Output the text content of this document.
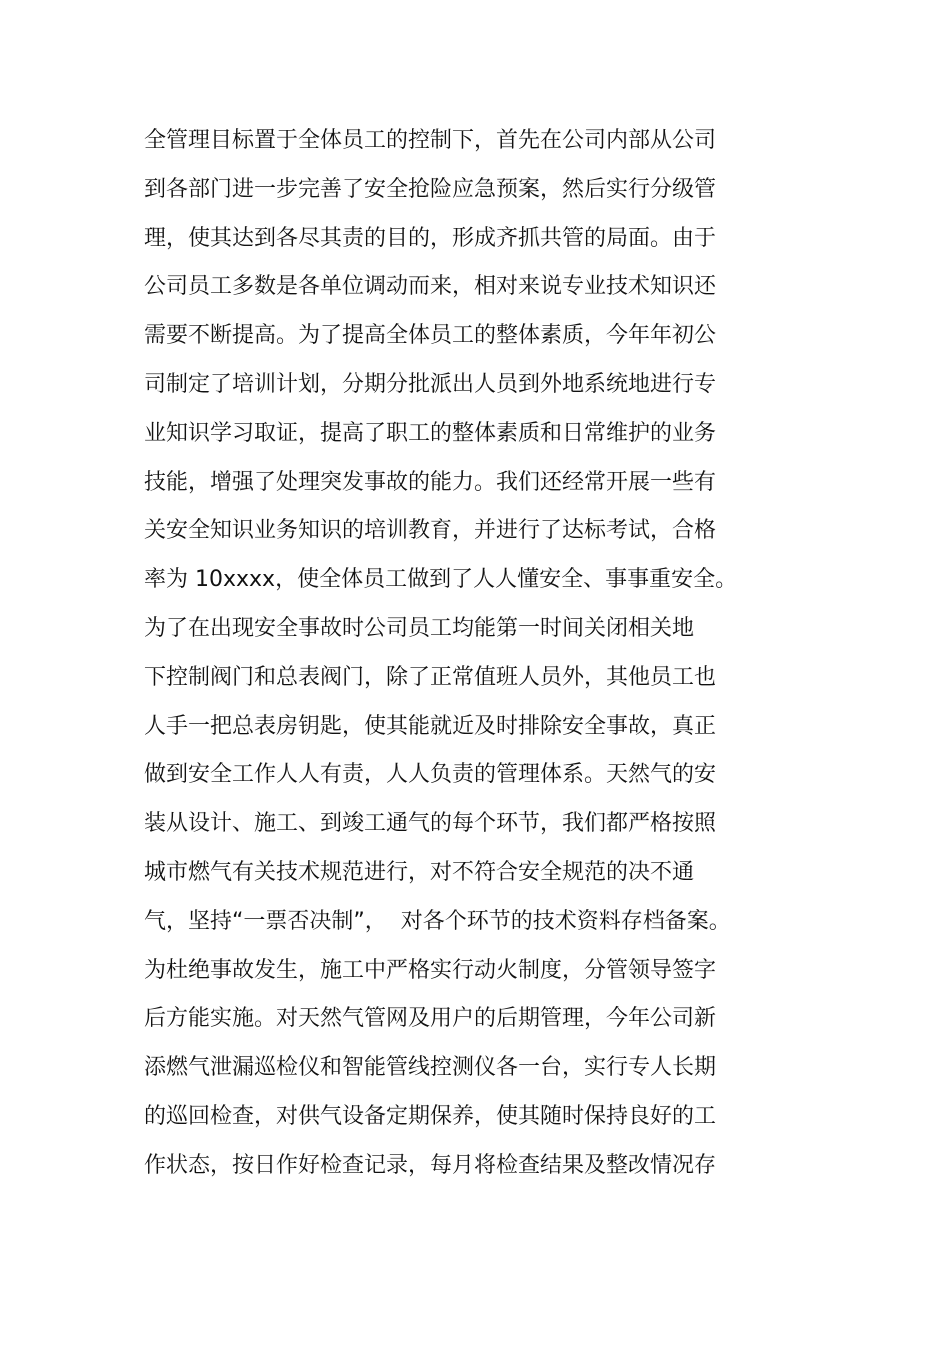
全管理目标置于全体员工的控制下，首先在公司内部从公司
到各部门进一步完善了安全抢险应急预案，然后实行分级管
理，使其达到各尽其责的目的，形成齐抓共管的局面。由于
公司员工多数是各单位调动而来，相对来说专业技术知识还
需要不断提高。为了提高全体员工的整体素质，今年年初公
司制定了培训计划，分期分批派出人员到外地系统地进行专
业知识学习取证，提高了职工的整体素质和日常维护的业务
技能，增强了处理突发事故的能力。我们还经常开展一些有
关安全知识业务知识的培训教育，并进行了达标考试，合格
率为 10xxxx，使全体员工做到了人人懂安全、事事重安全。
为了在出现安全事故时公司员工均能第一时间关闭相关地
下控制阀门和总表阀门，除了正常值班人员外，其他员工也
人手一把总表房钥匙，使其能就近及时排除安全事故，真正
做到安全工作人人有责，人人负责的管理体系。天然气的安
装从设计、施工、到竣工通气的每个环节，我们都严格按照
城市燃气有关技术规范进行，对不符合安全规范的决不通
气，坚持“一票否决制”，  对各个环节的技术资料存档备案。
为杜绝事故发生，施工中严格实行动火制度，分管领导签字
后方能实施。对天然气管网及用户的后期管理，今年公司新
添燃气泄漏巡检仪和智能管线控测仪各一台，实行专人长期
的巡回检查，对供气设备定期保养，使其随时保持良好的工
作状态，按日作好检查记录，每月将检查结果及整改情况存
